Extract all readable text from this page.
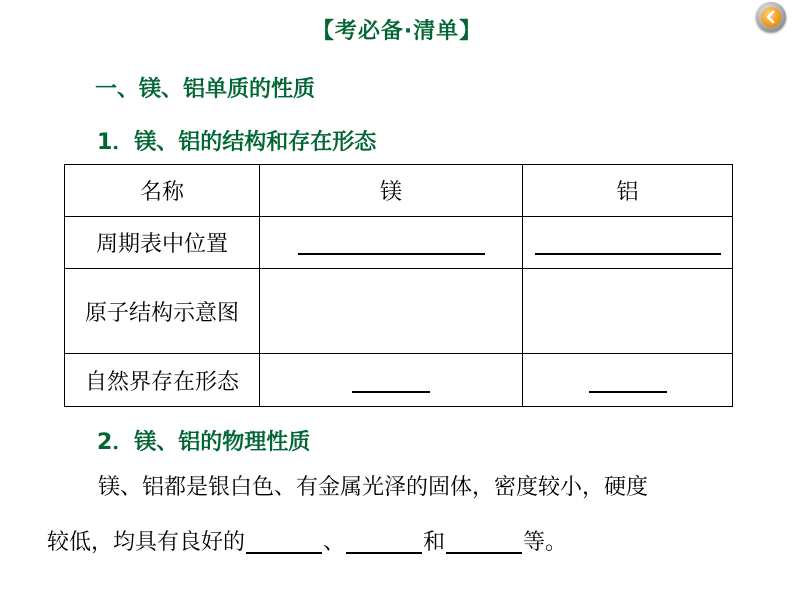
【考必备·清单】
一、镁、铝单质的性质
1．镁、铝的结构和存在形态
名称	镁	铝
周期表中位置		
原子结构示意图		
自然界存在形态		
2．镁、铝的物理性质
镁、铝都是银白色、有金属光泽的固体，密度较小，硬度
较低，均具有良好的	、	和	等。
